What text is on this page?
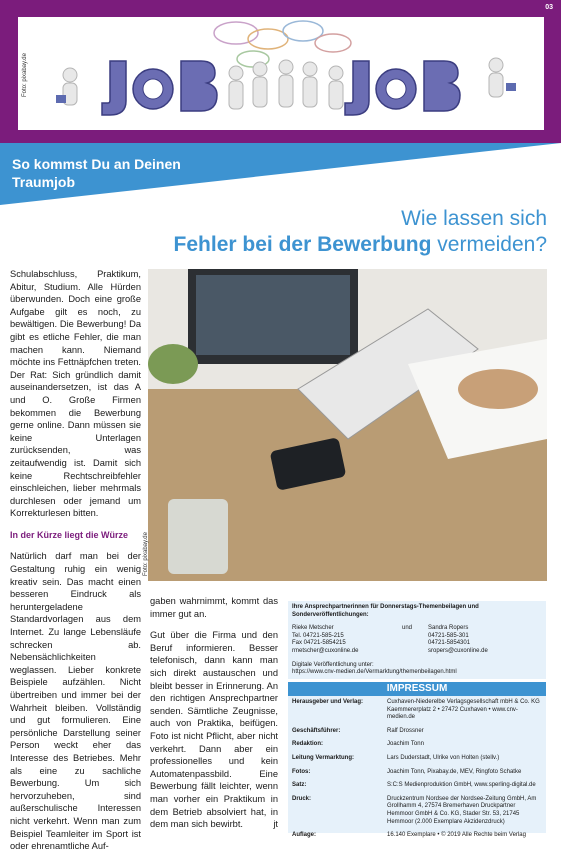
03
Foto: pixabay.de
So kommst Du an Deinen
Traumjob
Wie lassen sich
Fehler bei der Bewerbung vermeiden?
Foto: pixabay.de

Schulabschluss, Praktikum, Abitur, Studium. Alle Hürden überwunden. Doch eine große Aufgabe gilt es noch, zu bewältigen. Die Bewerbung! Da gibt es etliche Fehler, die man machen kann. Niemand möchte ins Fettnäpfchen treten. Der Rat: Sich gründlich damit auseinandersetzen, ist das A und O. Große Firmen bekommen die Bewerbung gerne online. Dann müssen sie keine Unterlagen zurücksenden, was zeitaufwendig ist. Damit sich keine Rechtschreibfehler einschleichen, lieber mehrmals durchlesen oder jemand um Korrekturlesen bitten.

In der Kürze liegt die Würze

Natürlich darf man bei der Gestaltung ruhig ein wenig kreativ sein. Das macht einen besseren Eindruck als heruntergeladene Standardvorlagen aus dem Internet. Zu lange Lebensläufe schrecken ab. Nebensächlichkeiten weglassen. Lieber konkrete Beispiele aufzählen. Nicht übertreiben und immer bei der Wahrheit bleiben. Vollständig und gut formulieren. Eine persönliche Darstellung seiner Person weckt eher das Interesse des Betriebes. Mehr als eine zu sachliche Bewerbung. Um sich hervorzuheben, sind außerschulische Interessen nicht verkehrt. Wenn man zum Beispiel Teamleiter im Sport ist oder ehrenamtliche Auf-

gaben wahrnimmt, kommt das immer gut an.

Gut über die Firma und den Beruf informieren. Besser telefonisch, dann kann man sich direkt austauschen und bleibt besser in Erinnerung. An den richtigen Ansprechpartner senden. Sämtliche Zeugnisse, auch von Praktika, beifügen. Foto ist nicht Pflicht, aber nicht verkehrt. Dann aber ein professionelles und kein Automatenpassbild. Eine Bewerbung fällt leichter, wenn man vorher ein Praktikum in dem Betrieb absolviert hat, in dem man sich bewirbt.	jt

Ihre Ansprechpartnerinnen für Donnerstags-Themenbeilagen und Sonderveröffentlichungen:
Rieke Metscher	und	Sandra Ropers
Tel. 04721-585-215	04721-585-301
Fax 04721-5854215	04721-5854301
rmetscher@cuxonline.de	sropers@cuxonline.de
Digitale Veröffentlichung unter:
https://www.cnv-medien.de/Vermarktung/themenbeilagen.html
IMPRESSUM
Herausgeber und Verlag:	Cuxhaven-Niederelbe Verlagsgesellschaft mbH & Co. KG Kaemmererplatz 2 • 27472 Cuxhaven • www.cnv-medien.de
Geschäftsführer:	Ralf Drossner
Redaktion:	Joachim Tonn
Leitung Vermarktung:	Lars Duderstadt, Ulrike von Holten (stellv.)
Fotos:	Joachim Tonn, Pixabay.de, MEV, Ringfoto Schatke
Satz:	S:C:S Medienproduktion GmbH, www.sperling-digital.de
Druck:	Druckzentrum Nordsee der Nordsee-Zeitung GmbH, Am Grollhamm 4, 27574 Bremerhaven Druckpartner Hemmoor GmbH & Co. KG, Stader Str. 53, 21745 Hemmoor (2.000 Exemplare Akzidenzdruck)
Auflage:	16.140 Exemplare • © 2019 Alle Rechte beim Verlag
